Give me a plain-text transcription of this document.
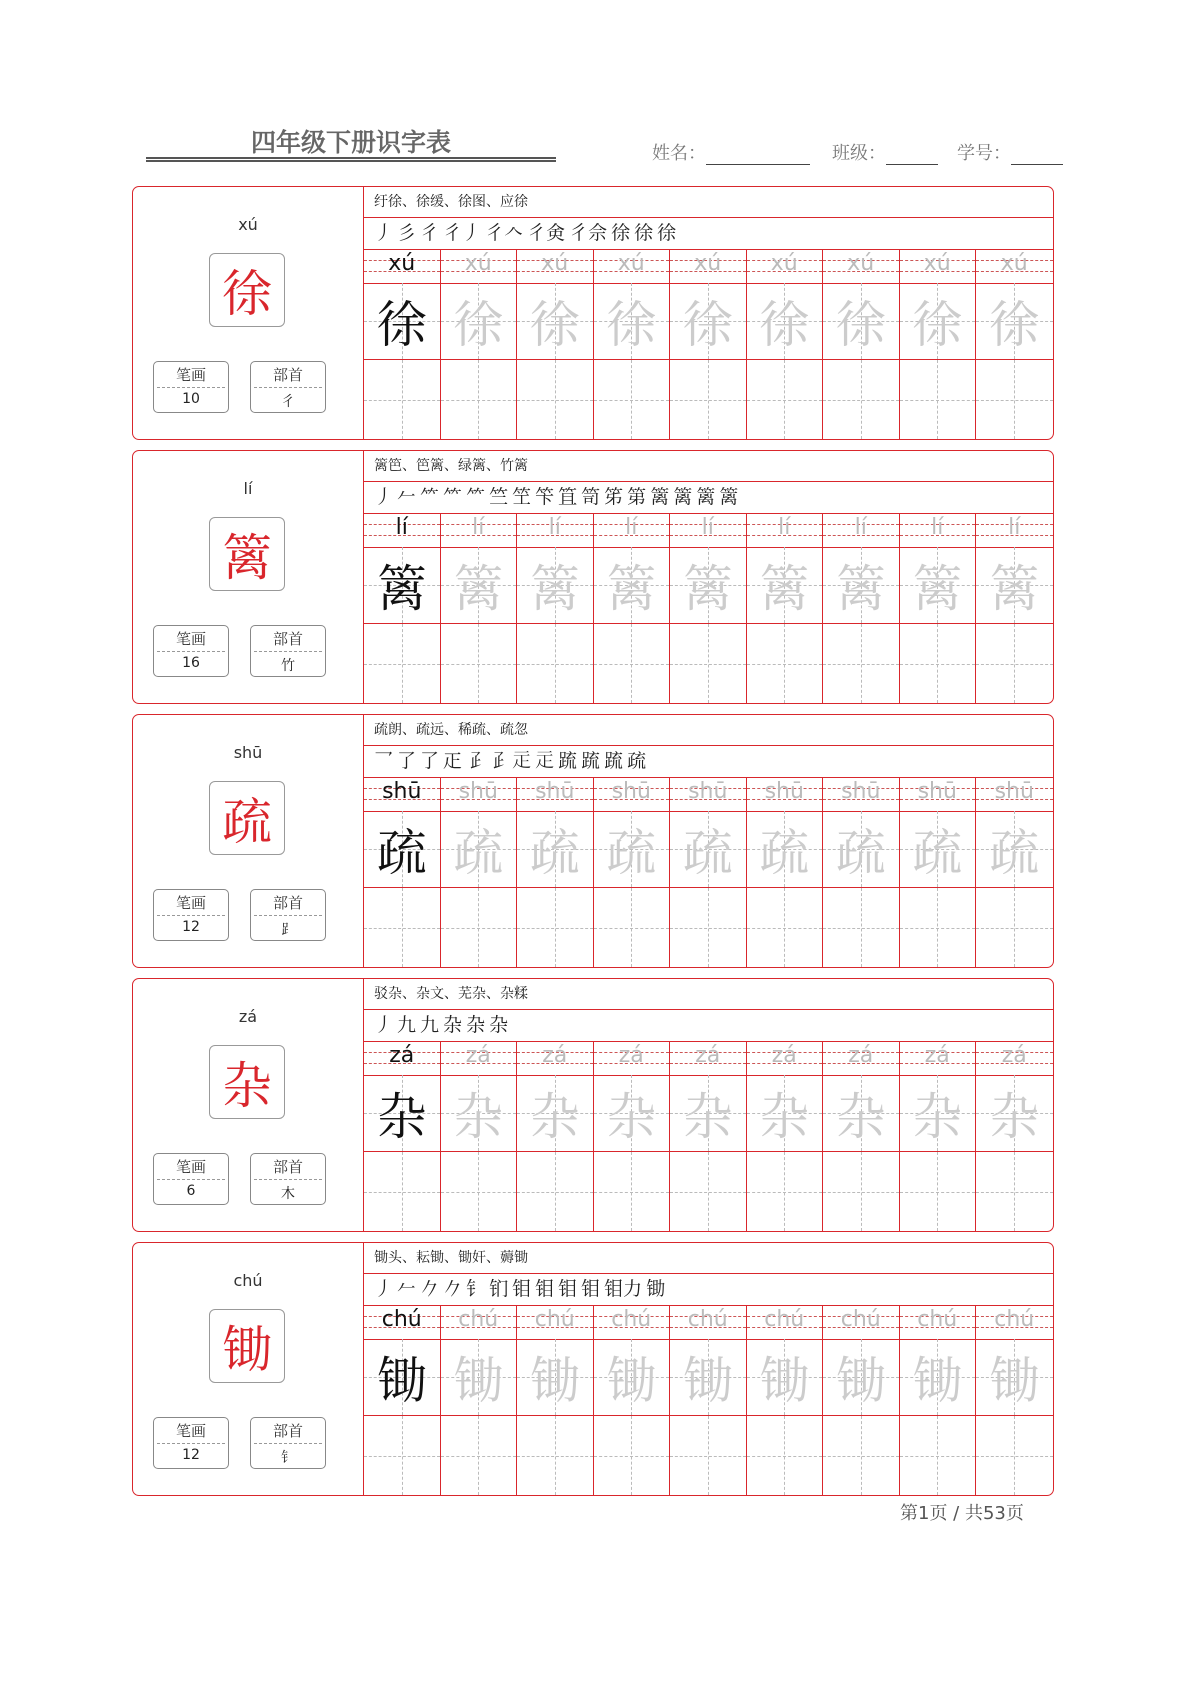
四年级下册识字表	姓名：	班级：	学号：
xú
徐
笔画
10
部首
彳
纡徐、徐缓、徐图、应徐
丿 彡 彳 彳丿 彳𠆢 彳㑒 彳佘 徐 徐 徐
xú
徐
xú
徐
xú
徐
xú
徐
xú
徐
xú
徐
xú
徐
xú
徐
xú
徐
lí
篱
笔画
16
部首
竹
篱笆、笆篱、绿篱、竹篱
丿 𠂉 ⺮ ⺮ ⺮ 竺 笁 笇 笡 笥 笫 第 篱 篱 篱 篱
lí
篱
lí
篱
lí
篱
lí
篱
lí
篱
lí
篱
lí
篱
lí
篱
lí
篱
shū
疏
笔画
12
部首
⻊
疏朗、疏远、稀疏、疏忽
乛 了 了 𤴓 𤴔 𤴔 𤴕 𤴕 䟽 䟽 䟽 疏
shū
疏
shū
疏
shū
疏
shū
疏
shū
疏
shū
疏
shū
疏
shū
疏
shū
疏
zá
杂
笔画
6
部首
木
驳杂、杂文、芜杂、杂糅
丿 九 九 杂 杂 杂
zá
杂
zá
杂
zá
杂
zá
杂
zá
杂
zá
杂
zá
杂
zá
杂
zá
杂
chú
锄
笔画
12
部首
钅
锄头、耘锄、锄奸、薅锄
丿 𠂉 𠂊 𠂊 钅 钔 钼 钼 钼 钼 钼力 锄
chú
锄
chú
锄
chú
锄
chú
锄
chú
锄
chú
锄
chú
锄
chú
锄
chú
锄
第1页 / 共53页
